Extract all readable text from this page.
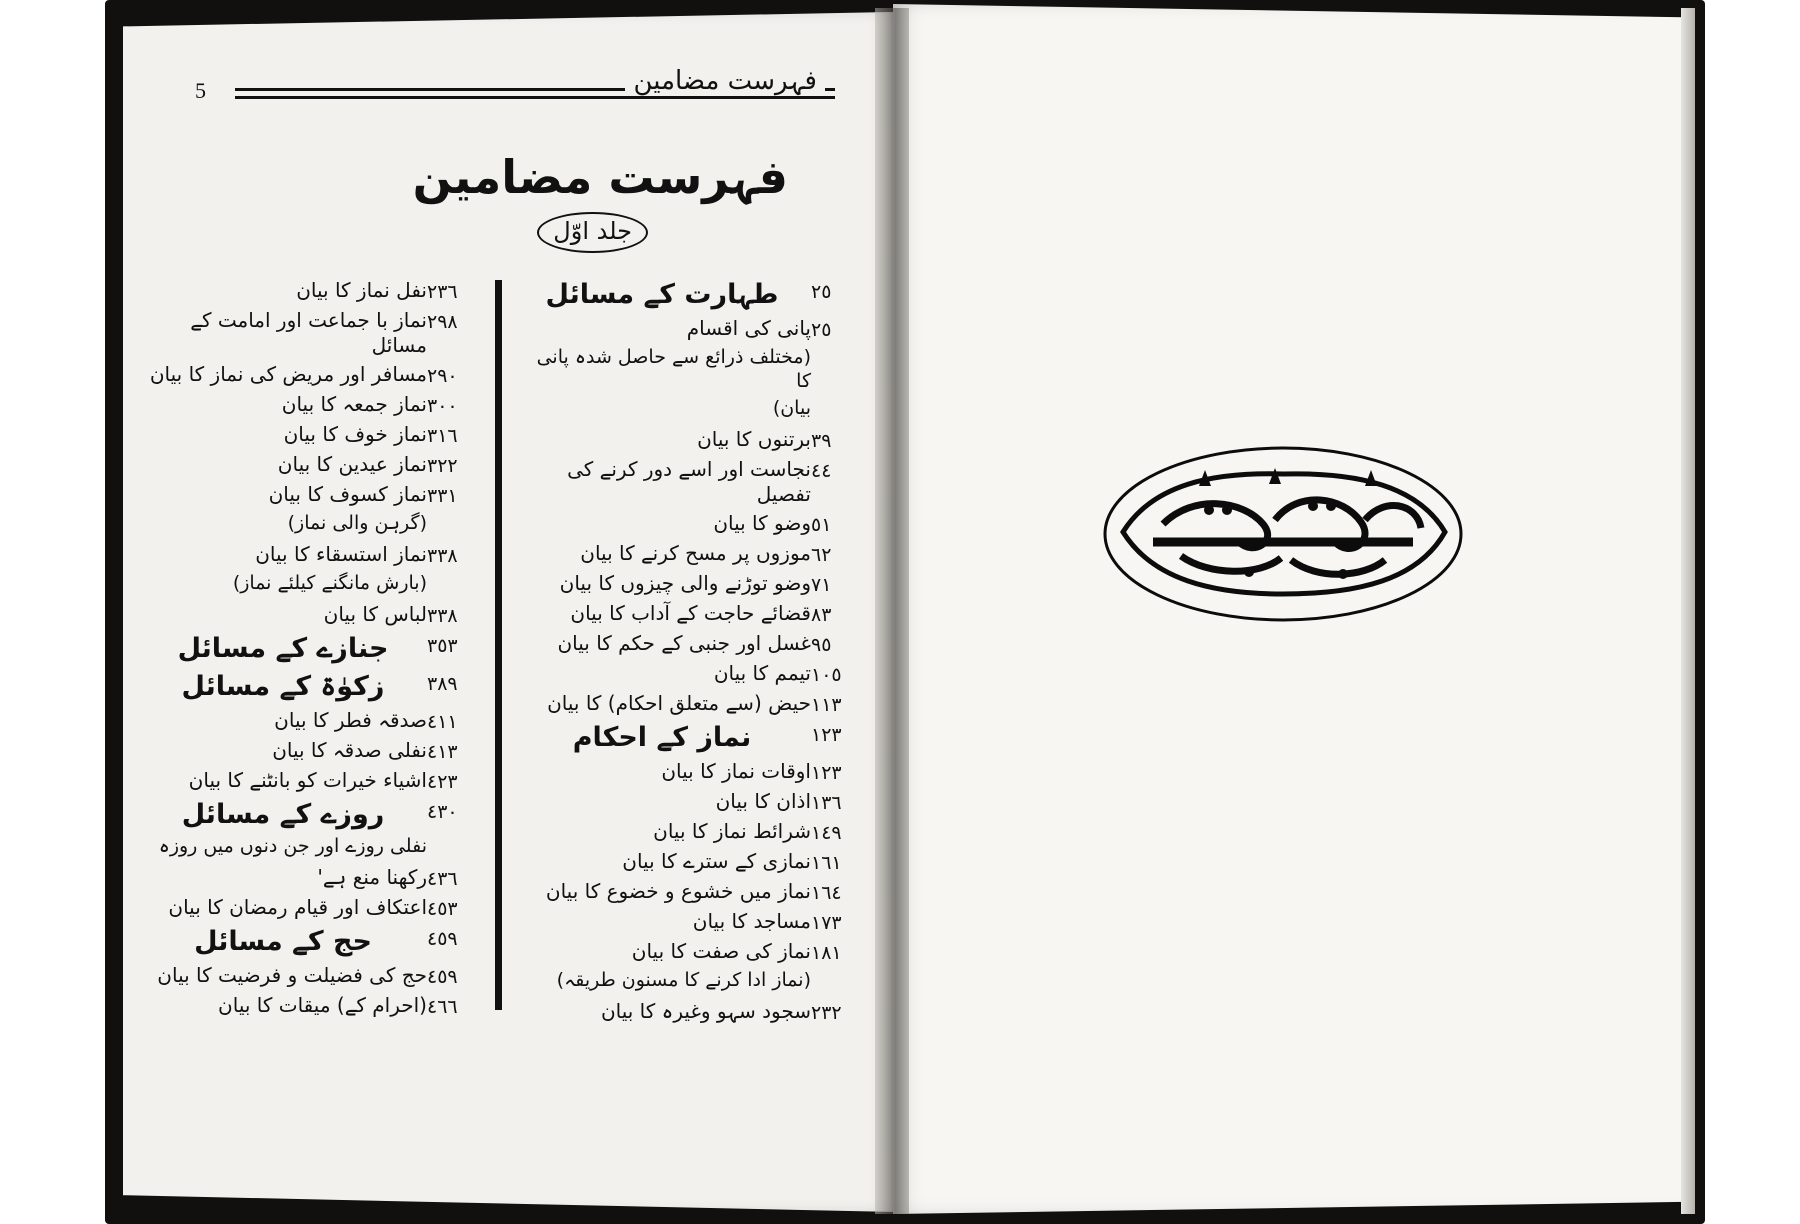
5	فہرست مضامین
فہرست مضامین
جلد اوّل
٢٥
طہارت کے مسائل
٢٥
پانی کی اقسام
(مختلف ذرائع سے حاصل شدہ پانی کا
بیان)
٣٩
برتنوں کا بیان
٤٤
نجاست اور اسے دور کرنے کی تفصیل
٥١
وضو کا بیان
٦٢
موزوں پر مسح کرنے کا بیان
٧١
وضو توڑنے والی چیزوں کا بیان
٨٣
قضائے حاجت کے آداب کا بیان
٩٥
غسل اور جنبی کے حکم کا بیان
١٠٥
تیمم کا بیان
١١٣
حیض (سے متعلق احکام) کا بیان
١٢٣
نماز کے احکام
١٢٣
اوقات نماز کا بیان
١٣٦
اذان کا بیان
١٤٩
شرائط نماز کا بیان
١٦١
نمازی کے سترے کا بیان
١٦٤
نماز میں خشوع و خضوع کا بیان
١٧٣
مساجد کا بیان
١٨١
نماز کی صفت کا بیان
(نماز ادا کرنے کا مسنون طریقہ)
٢٣٢
سجود سہو وغیرہ کا بیان
٢٣٦
نفل نماز کا بیان
٢٩٨
نماز با جماعت اور امامت کے مسائل
٢٩٠
مسافر اور مریض کی نماز کا بیان
٣٠٠
نماز جمعہ کا بیان
٣١٦
نماز خوف کا بیان
٣٢٢
نماز عیدین کا بیان
٣٣١
نماز کسوف کا بیان
(گرہن والی نماز)
٣٣٨
نماز استسقاء کا بیان
(بارش مانگنے کیلئے نماز)
٣٣٨
لباس کا بیان
٣٥٣
جنازے کے مسائل
٣٨٩
زکوٰۃ کے مسائل
٤١١
صدقہ فطر کا بیان
٤١٣
نفلی صدقہ کا بیان
٤٢٣
اشیاء خیرات کو بانٹنے کا بیان
٤٣٠
روزے کے مسائل
نفلی روزے اور جن دنوں میں روزہ
٤٣٦
رکھنا منع ہے'
٤٥٣
اعتکاف اور قیام رمضان کا بیان
٤٥٩
حج کے مسائل
٤٥٩
حج کی فضیلت و فرضیت کا بیان
٤٦٦
(احرام کے) میقات کا بیان
